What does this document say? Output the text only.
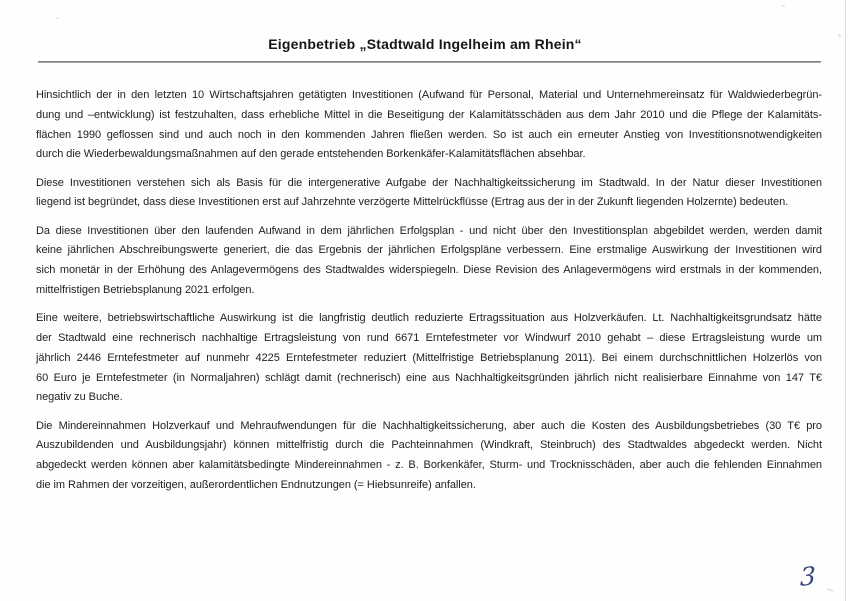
Eigenbetrieb „Stadtwald Ingelheim am Rhein“

Hinsichtlich der in den letzten 10 Wirtschaftsjahren getätigten Investitionen (Aufwand für Personal, Material und Unternehmereinsatz für Waldwiederbegrün-
dung und –entwicklung) ist festzuhalten, dass erhebliche Mittel in die Beseitigung der Kalamitätsschäden aus dem Jahr 2010 und die Pflege der Kalamitäts-
flächen 1990 geflossen sind und auch noch in den kommenden Jahren fließen werden. So ist auch ein erneuter Anstieg von Investitionsnotwendigkeiten
durch die Wiederbewaldungsmaßnahmen auf den gerade entstehenden Borkenkäfer-Kalamitätsflächen absehbar.

Diese Investitionen verstehen sich als Basis für die intergenerative Aufgabe der Nachhaltigkeitssicherung im Stadtwald. In der Natur dieser Investitionen
liegend ist begründet, dass diese Investitionen erst auf Jahrzehnte verzögerte Mittelrückflüsse (Ertrag aus der in der Zukunft liegenden Holzernte) bedeuten.

Da diese Investitionen über den laufenden Aufwand in dem jährlichen Erfolgsplan - und nicht über den Investitionsplan abgebildet werden, werden damit
keine jährlichen Abschreibungswerte generiert, die das Ergebnis der jährlichen Erfolgspläne verbessern. Eine erstmalige Auswirkung der Investitionen wird
sich monetär in der Erhöhung des Anlagevermögens des Stadtwaldes widerspiegeln. Diese Revision des Anlagevermögens wird erstmals in der kommenden,
mittelfristigen Betriebsplanung 2021 erfolgen.

Eine weitere, betriebswirtschaftliche Auswirkung ist die langfristig deutlich reduzierte Ertragssituation aus Holzverkäufen. Lt. Nachhaltigkeitsgrundsatz hätte
der Stadtwald eine rechnerisch nachhaltige Ertragsleistung von rund 6671 Erntefestmeter vor Windwurf 2010 gehabt – diese Ertragsleistung wurde um
jährlich 2446 Erntefestmeter auf nunmehr 4225 Erntefestmeter reduziert (Mittelfristige Betriebsplanung 2011). Bei einem durchschnittlichen Holzerlös von
60 Euro je Erntefestmeter (in Normaljahren) schlägt damit (rechnerisch) eine aus Nachhaltigkeitsgründen jährlich nicht realisierbare Einnahme von 147 T€
negativ zu Buche.

Die Mindereinnahmen Holzverkauf und Mehraufwendungen für die Nachhaltigkeitssicherung, aber auch die Kosten des Ausbildungsbetriebes (30 T€ pro
Auszubildenden und Ausbildungsjahr) können mittelfristig durch die Pachteinnahmen (Windkraft, Steinbruch) des Stadtwaldes abgedeckt werden. Nicht
abgedeckt werden können aber kalamitätsbedingte Mindereinnahmen - z. B. Borkenkäfer, Sturm- und Trocknisschäden, aber auch die fehlenden Einnahmen
die im Rahmen der vorzeitigen, außerordentlichen Endnutzungen (= Hiebsunreife) anfallen.

3
